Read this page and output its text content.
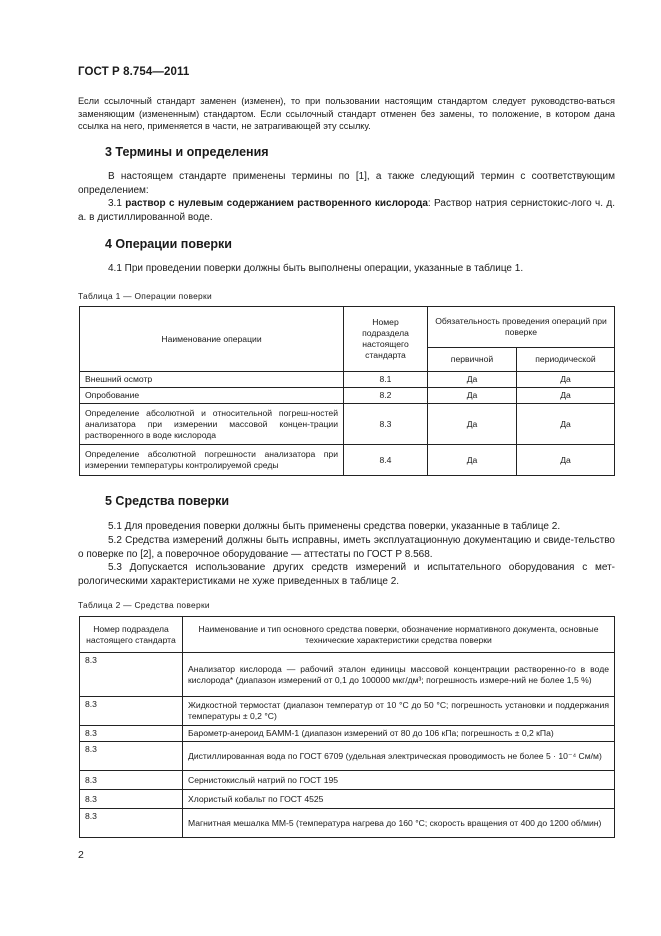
ГОСТ Р 8.754—2011
Если ссылочный стандарт заменен (изменен), то при пользовании настоящим стандартом следует руководство-ваться заменяющим (измененным) стандартом. Если ссылочный стандарт отменен без замены, то положение, в котором дана ссылка на него, применяется в части, не затрагивающей эту ссылку.
3 Термины и определения
В настоящем стандарте применены термины по [1], а также следующий термин с соответствующим определением:
3.1 раствор с нулевым содержанием растворенного кислорода: Раствор натрия сернистокис-лого ч. д. а. в дистиллированной воде.
4 Операции поверки
4.1 При проведении поверки должны быть выполнены операции, указанные в таблице 1.
Таблица 1 — Операции поверки
Наименование операции	Номер подраздела настоящего стандарта	Обязательность проведения операций при поверке	
		первичной	периодической
Внешний осмотр	8.1	Да	Да
Опробование	8.2	Да	Да
Определение абсолютной и относительной погреш-ностей анализатора при измерении массовой концен-трации растворенного в воде кислорода	8.3	Да	Да
Определение абсолютной погрешности анализатора при измерении температуры контролируемой среды	8.4	Да	Да
5 Средства поверки
5.1 Для проведения поверки должны быть применены средства поверки, указанные в таблице 2.
5.2 Средства измерений должны быть исправны, иметь эксплуатационную документацию и свиде-тельство о поверке по [2], а поверочное оборудование — аттестаты по ГОСТ Р 8.568.
5.3 Допускается использование других средств измерений и испытательного оборудования с мет-рологическими характеристиками не хуже приведенных в таблице 2.
Таблица 2 — Средства поверки
Номер подраздела настоящего стандарта	Наименование и тип основного средства поверки, обозначение нормативного документа, основные технические характеристики средства поверки
8.3	Анализатор кислорода — рабочий эталон единицы массовой концентрации растворенно-го в воде кислорода* (диапазон измерений от 0,1 до 100000 мкг/дм³; погрешность измере-ний не более 1,5 %)
8.3	Жидкостной термостат (диапазон температур от 10 °С до 50 °С; погрешность установки и поддержания температуры ± 0,2 °С)
8.3	Барометр-анероид БАММ-1 (диапазон измерений от 80 до 106 кПа; погрешность ± 0,2 кПа)
8.3	Дистиллированная вода по ГОСТ 6709 (удельная электрическая проводимость не более 5 · 10⁻⁴ См/м)
8.3	Сернистокислый натрий по ГОСТ 195
8.3	Хлористый кобальт по ГОСТ 4525
8.3	Магнитная мешалка ММ-5 (температура нагрева до 160 °С; скорость вращения от 400 до 1200 об/мин)
2
